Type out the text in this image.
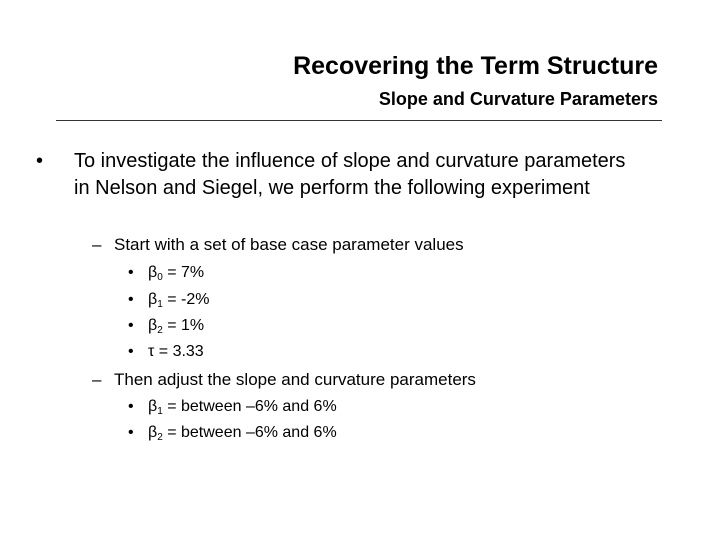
Recovering the Term Structure
Slope and Curvature Parameters
•	To investigate the influence of slope and curvature parameters in Nelson and Siegel, we perform the following experiment
– Start with a set of base case parameter values
• $\beta_0 = 7\%$
• $\beta_1 = -2\%$
• $\beta_2 = 1\%$
• τ = 3.33
– Then adjust the slope and curvature parameters
• $\beta_1$ = between –6% and 6%
• $\beta_2$ = between –6% and 6%
